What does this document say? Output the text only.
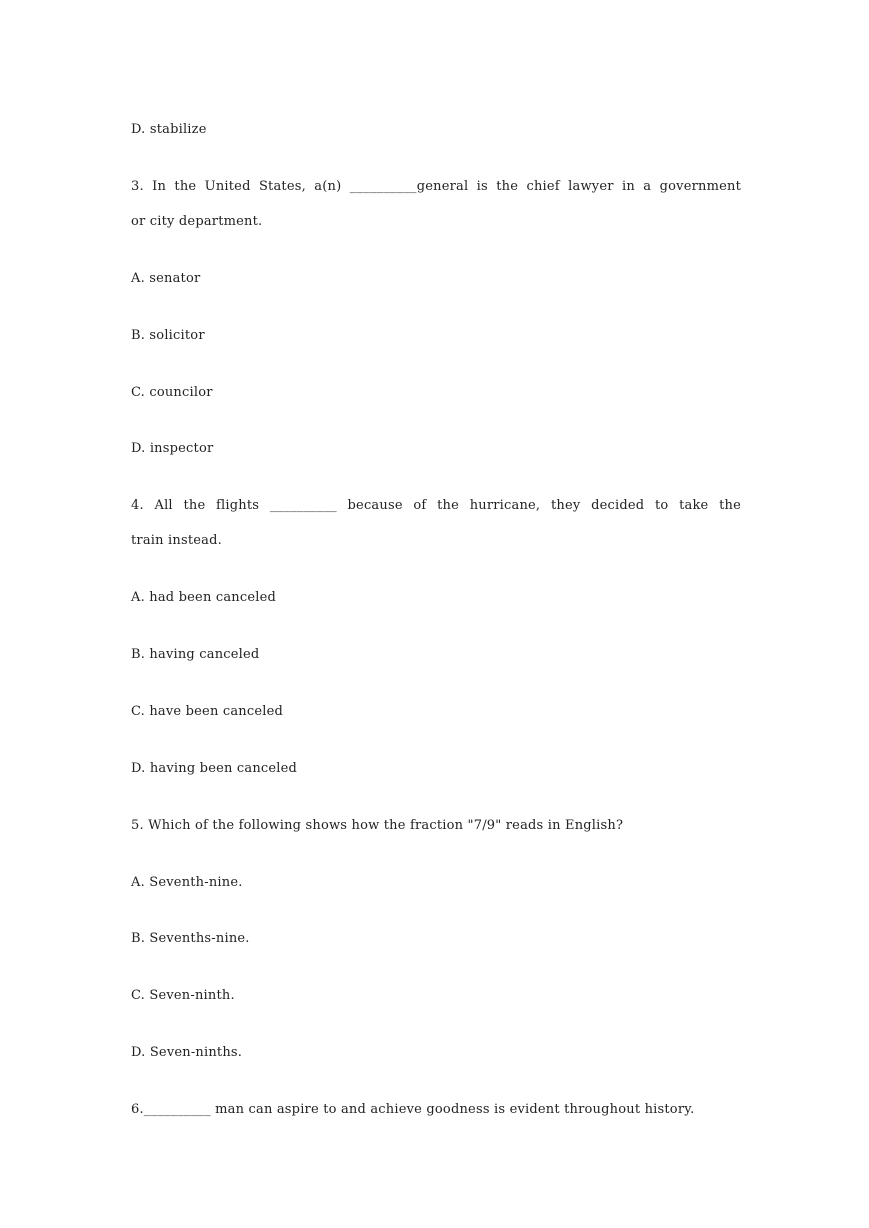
D. stabilize
3. In the United States, a(n) __________general is the chief lawyer in a government
or city department.
A. senator
B. solicitor
C. councilor
D. inspector
4. All the flights __________ because of the hurricane, they decided to take the
train instead.
A. had been canceled
B. having canceled
C. have been canceled
D. having been canceled
5. Which of the following shows how the fraction "7/9" reads in English?
A. Seventh-nine.
B. Sevenths-nine.
C. Seven-ninth.
D. Seven-ninths.
6.__________ man can aspire to and achieve goodness is evident throughout history.
